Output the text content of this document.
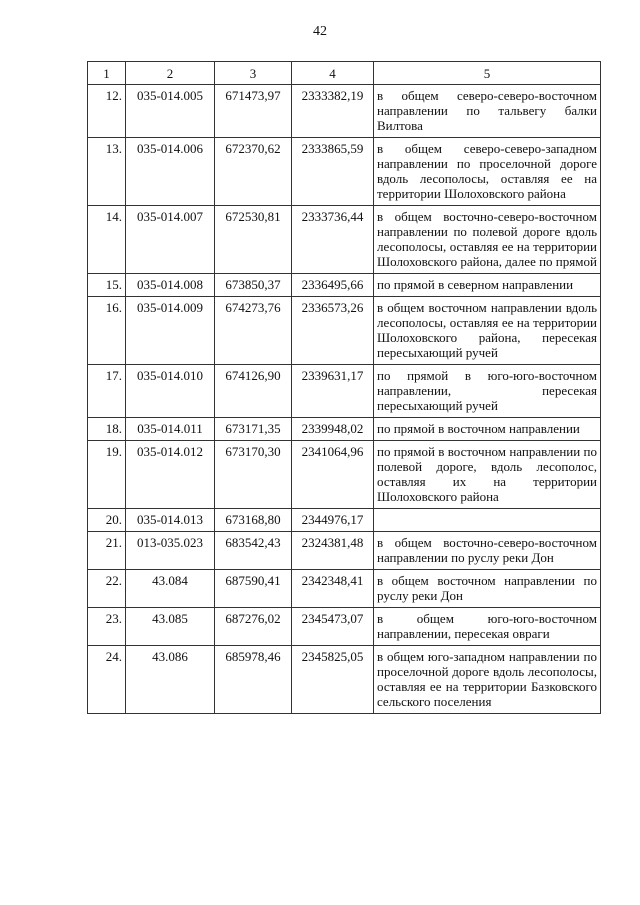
42
1	2	3	4	5
12.	035-014.005	671473,97	2333382,19	в общем северо-северо-восточном направлении по тальвегу балки Вилтова
13.	035-014.006	672370,62	2333865,59	в общем северо-северо-западном направлении по проселочной дороге вдоль лесополосы, оставляя ее на территории Шолоховского района
14.	035-014.007	672530,81	2333736,44	в общем восточно-северо-восточном направлении по полевой дороге вдоль лесополосы, оставляя ее на территории Шолоховского района, далее по прямой
15.	035-014.008	673850,37	2336495,66	по прямой в северном направлении
16.	035-014.009	674273,76	2336573,26	в общем восточном направлении вдоль лесополосы, оставляя ее на территории Шолоховского района, пересекая пересыхающий ручей
17.	035-014.010	674126,90	2339631,17	по прямой в юго-юго-восточном направлении, пересекая пересыхающий ручей
18.	035-014.011	673171,35	2339948,02	по прямой в восточном направлении
19.	035-014.012	673170,30	2341064,96	по прямой в восточном направлении по полевой дороге, вдоль лесополос, оставляя их на территории Шолоховского района
20.	035-014.013	673168,80	2344976,17	
21.	013-035.023	683542,43	2324381,48	в общем восточно-северо-восточном направлении по руслу реки Дон
22.	43.084	687590,41	2342348,41	в общем восточном направлении по руслу реки Дон
23.	43.085	687276,02	2345473,07	в общем юго-юго-восточном направлении, пересекая овраги
24.	43.086	685978,46	2345825,05	в общем юго-западном направлении по проселочной дороге вдоль лесополосы, оставляя ее на территории Базковского сельского поселения
